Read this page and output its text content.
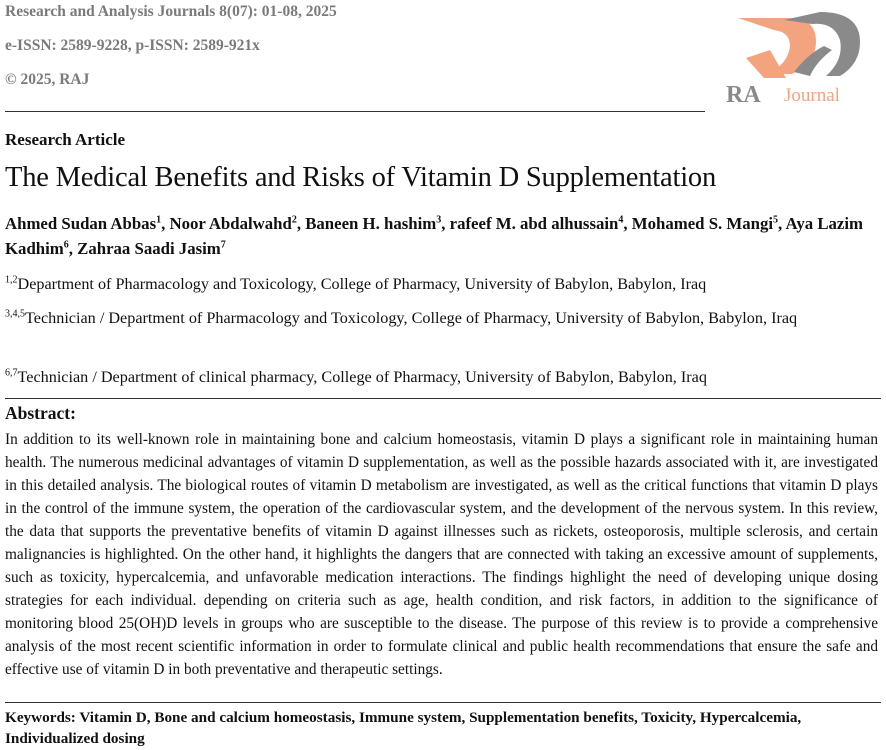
Research and Analysis Journals 8(07): 01-08, 2025
e-ISSN: 2589-9228, p-ISSN: 2589-921x
© 2025, RAJ
RA Journal
Research Article
The Medical Benefits and Risks of Vitamin D Supplementation
Ahmed Sudan Abbas$^1$, Noor Abdalwahd$^2$, Baneen H. hashim$^3$, rafeef M. abd alhussain$^4$, Mohamed S. Mangi$^5$, Aya Lazim Kadhim$^6$, Zahraa Saadi Jasim$^7$
$^{1,2}$Department of Pharmacology and Toxicology, College of Pharmacy, University of Babylon, Babylon, Iraq
$^{3,4,5}$Technician / Department of Pharmacology and Toxicology, College of Pharmacy, University of Babylon, Babylon, Iraq
$^{6,7}$Technician / Department of clinical pharmacy, College of Pharmacy, University of Babylon, Babylon, Iraq
Abstract:
In addition to its well-known role in maintaining bone and calcium homeostasis, vitamin D plays a significant role in maintaining human health. The numerous medicinal advantages of vitamin D supplementation, as well as the possible hazards associated with it, are investigated in this detailed analysis. The biological routes of vitamin D metabolism are investigated, as well as the critical functions that vitamin D plays in the control of the immune system, the operation of the cardiovascular system, and the development of the nervous system. In this review, the data that supports the preventative benefits of vitamin D against illnesses such as rickets, osteoporosis, multiple sclerosis, and certain malignancies is highlighted. On the other hand, it highlights the dangers that are connected with taking an excessive amount of supplements, such as toxicity, hypercalcemia, and unfavorable medication interactions. The findings highlight the need of developing unique dosing strategies for each individual. depending on criteria such as age, health condition, and risk factors, in addition to the significance of monitoring blood 25(OH)D levels in groups who are susceptible to the disease. The purpose of this review is to provide a comprehensive analysis of the most recent scientific information in order to formulate clinical and public health recommendations that ensure the safe and effective use of vitamin D in both preventative and therapeutic settings.
Keywords: Vitamin D, Bone and calcium homeostasis, Immune system, Supplementation benefits, Toxicity, Hypercalcemia, Individualized dosing
